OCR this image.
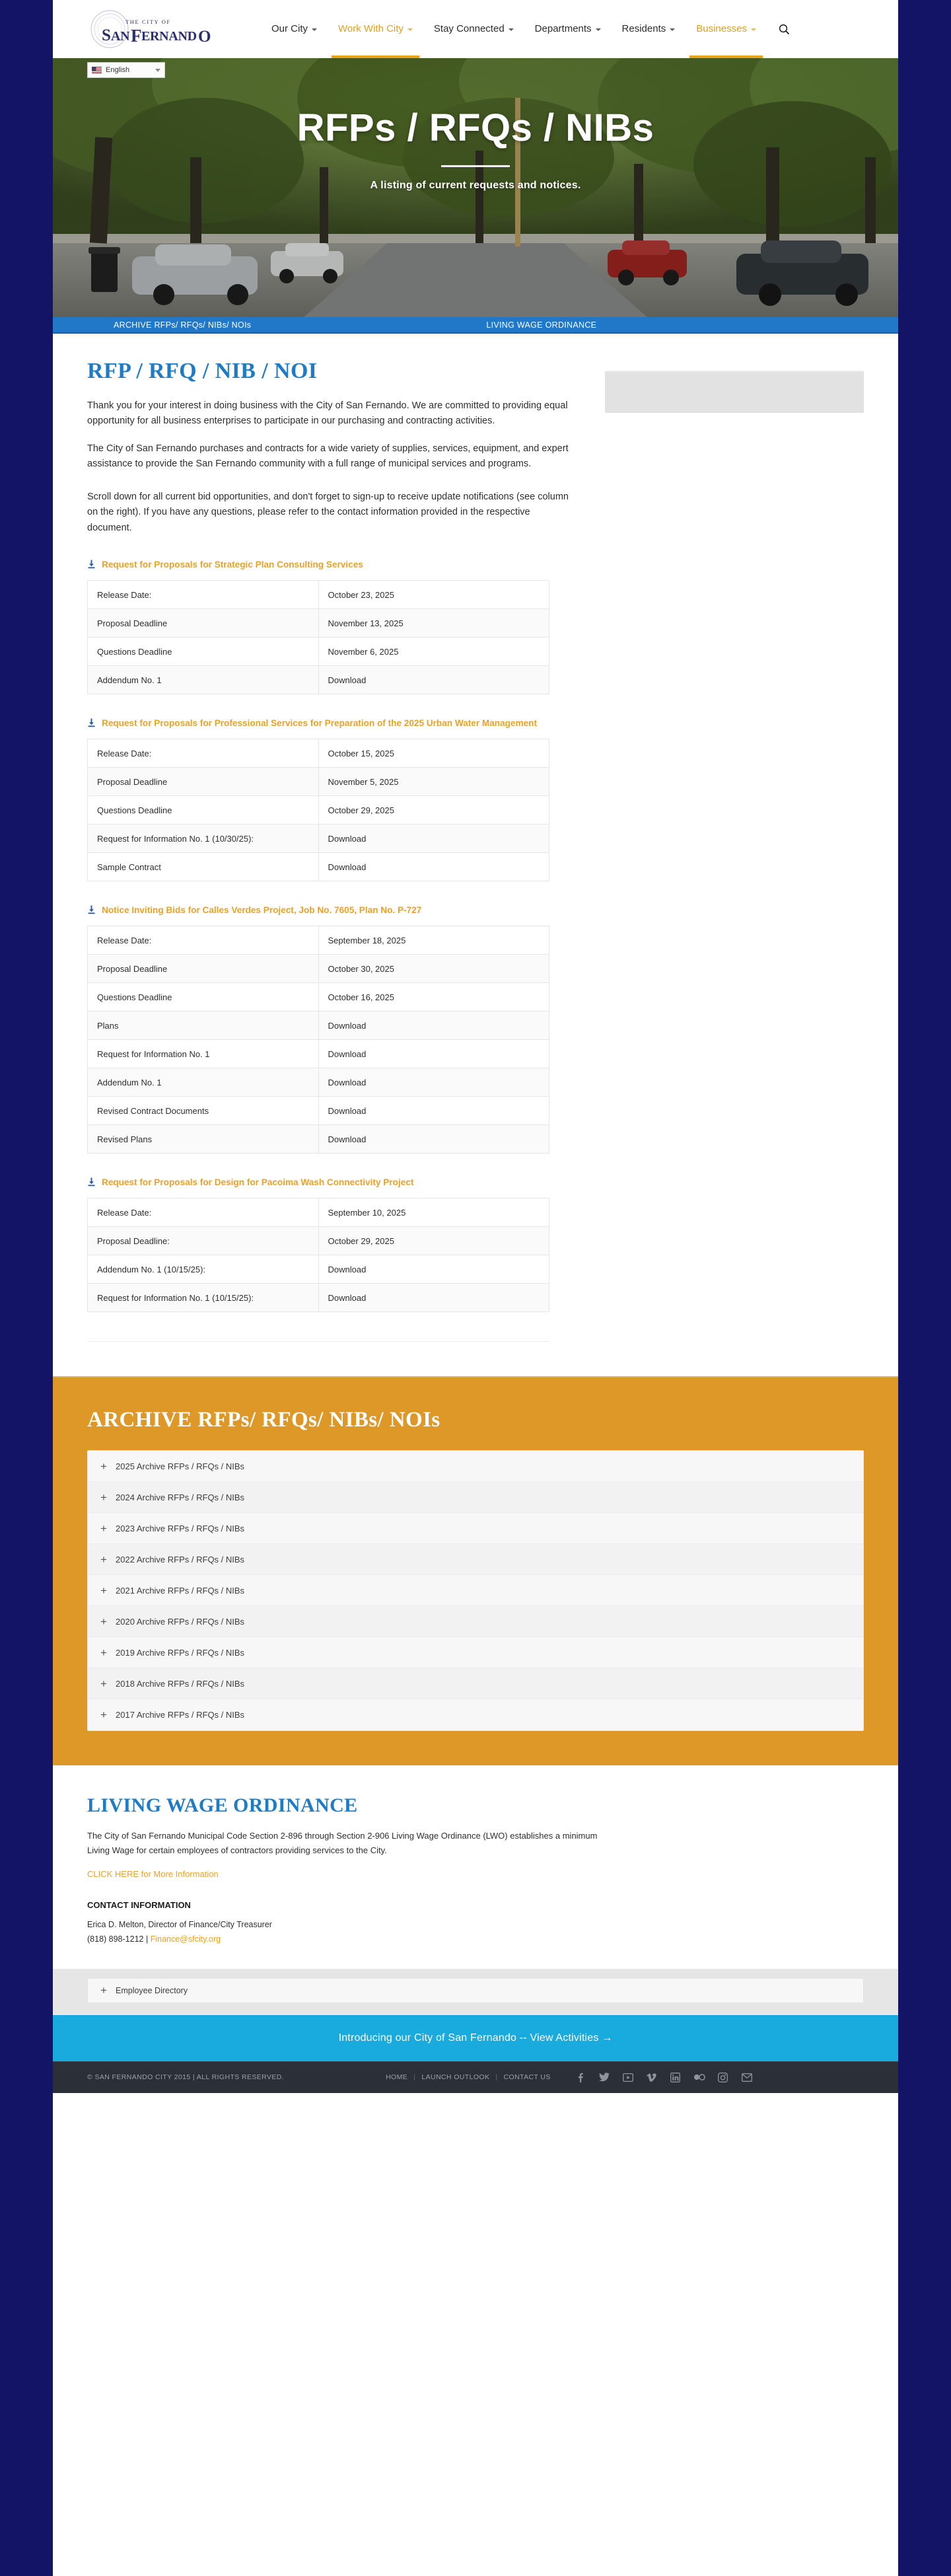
THE CITY OF
S AN F ERNAND O	Our City	Work With City	Stay Connected	Departments	Residents	Businesses
English
RFPs / RFQs / NIBs
A listing of current requests and notices.
ARCHIVE RFPs/ RFQs/ NIBs/ NOIs	LIVING WAGE ORDINANCE
RFP / RFQ / NIB / NOI

Thank you for your interest in doing business with the City of San Fernando. We are committed to providing equal opportunity for all business enterprises to participate in our purchasing and contracting activities.

The City of San Fernando purchases and contracts for a wide variety of supplies, services, equipment, and expert assistance to provide the San Fernando community with a full range of municipal services and programs.

Scroll down for all current bid opportunities, and don't forget to sign-up to receive update notifications (see column on the right). If you have any questions, please refer to the contact information provided in the respective document.

Request for Proposals for Strategic Plan Consulting Services
Release Date:	October 23, 2025
Proposal Deadline	November 13, 2025
Questions Deadline	November 6, 2025
Addendum No. 1	Download
Request for Proposals for Professional Services for Preparation of the 2025 Urban Water Management
Release Date:	October 15, 2025
Proposal Deadline	November 5, 2025
Questions Deadline	October 29, 2025
Request for Information No. 1 (10/30/25):	Download
Sample Contract	Download
Notice Inviting Bids for Calles Verdes Project, Job No. 7605, Plan No. P-727
Release Date:	September 18, 2025
Proposal Deadline	October 30, 2025
Questions Deadline	October 16, 2025
Plans	Download
Request for Information No. 1	Download
Addendum No. 1	Download
Revised Contract Documents	Download
Revised Plans	Download
Request for Proposals for Design for Pacoima Wash Connectivity Project
Release Date:	September 10, 2025
Proposal Deadline:	October 29, 2025
Addendum No. 1 (10/15/25):	Download
Request for Information No. 1 (10/15/25):	Download
ARCHIVE RFPs/ RFQs/ NIBs/ NOIs
+ 2025 Archive RFPs / RFQs / NIBs
+ 2024 Archive RFPs / RFQs / NIBs
+ 2023 Archive RFPs / RFQs / NIBs
+ 2022 Archive RFPs / RFQs / NIBs
+ 2021 Archive RFPs / RFQs / NIBs
+ 2020 Archive RFPs / RFQs / NIBs
+ 2019 Archive RFPs / RFQs / NIBs
+ 2018 Archive RFPs / RFQs / NIBs
+ 2017 Archive RFPs / RFQs / NIBs
LIVING WAGE ORDINANCE

The City of San Fernando Municipal Code Section 2-896 through Section 2-906 Living Wage Ordinance (LWO) establishes a minimum Living Wage for certain employees of contractors providing services to the City.

CLICK HERE for More Information
CONTACT INFORMATION
Erica D. Melton, Director of Finance/City Treasurer
(818) 898-1212 | Finance@sfcity.org
+ Employee Directory
Introducing our City of San Fernando -- View Activities →
© SAN FERNANDO CITY 2015 | ALL RIGHTS RESERVED.	HOME | LAUNCH OUTLOOK | CONTACT US
